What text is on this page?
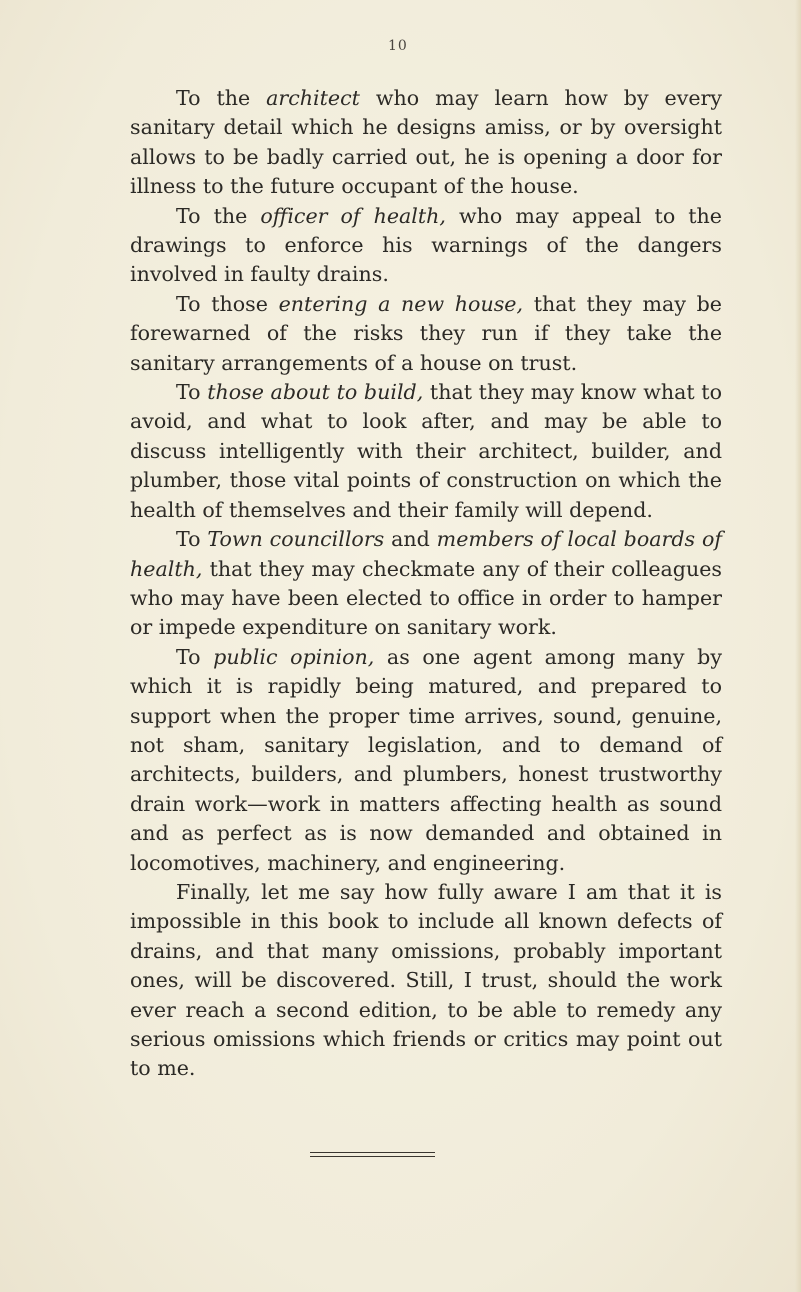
10

To the architect who may learn how by every sanitary detail which he designs amiss, or by oversight allows to be badly carried out, he is opening a door for illness to the future occupant of the house.

To the officer of health, who may appeal to the drawings to enforce his warnings of the dangers involved in faulty drains.

To those entering a new house, that they may be forewarned of the risks they run if they take the sanitary arrangements of a house on trust.

To those about to build, that they may know what to avoid, and what to look after, and may be able to discuss intelligently with their architect, builder, and plumber, those vital points of construction on which the health of themselves and their family will depend.

To Town councillors and members of local boards of health, that they may checkmate any of their colleagues who may have been elected to office in order to hamper or impede expenditure on sanitary work.

To public opinion, as one agent among many by which it is rapidly being matured, and prepared to support when the proper time arrives, sound, genuine, not sham, sanitary legislation, and to demand of architects, builders, and plumbers, honest trustworthy drain work—work in matters affecting health as sound and as perfect as is now demanded and obtained in locomotives, machinery, and engineering.

Finally, let me say how fully aware I am that it is impossible in this book to include all known defects of drains, and that many omissions, probably important ones, will be discovered. Still, I trust, should the work ever reach a second edition, to be able to remedy any serious omissions which friends or critics may point out to me.
